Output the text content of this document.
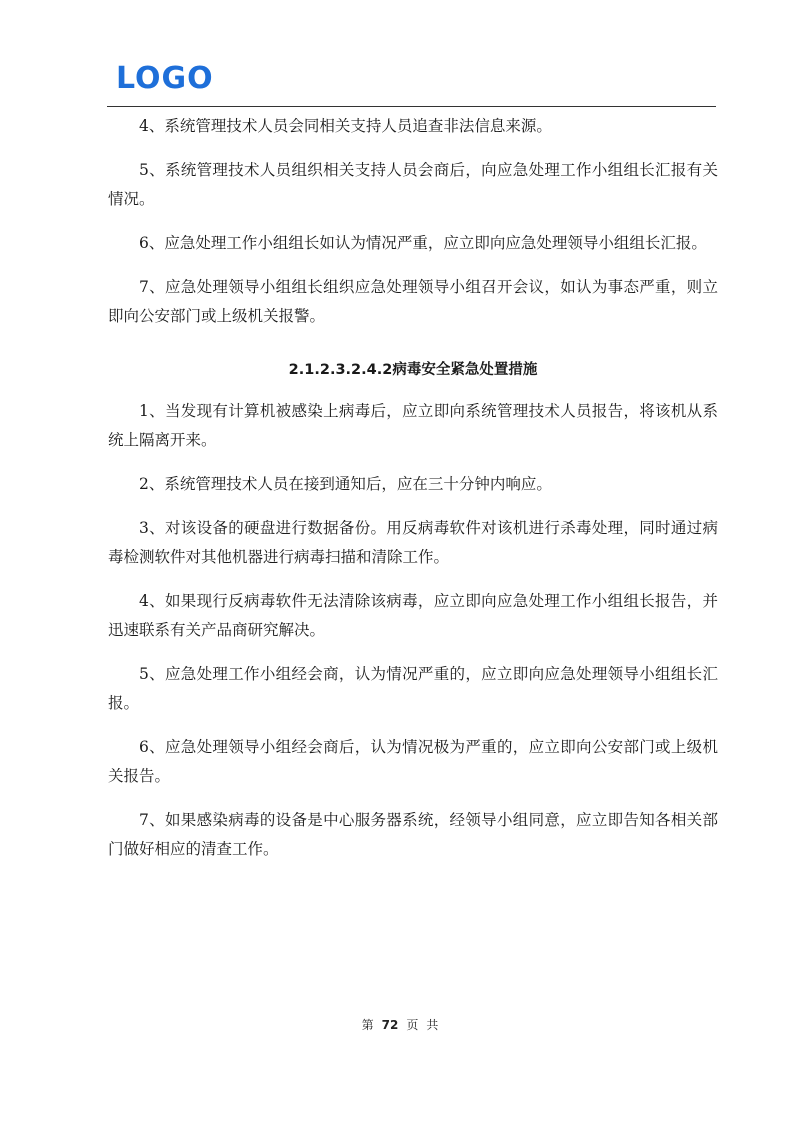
LOGO

4、系统管理技术人员会同相关支持人员追查非法信息来源。

5、系统管理技术人员组织相关支持人员会商后，向应急处理工作小组组长汇报有关情况。

6、应急处理工作小组组长如认为情况严重，应立即向应急处理领导小组组长汇报。

7、应急处理领导小组组长组织应急处理领导小组召开会议，如认为事态严重，则立即向公安部门或上级机关报警。

2.1.2.3.2.4.2病毒安全紧急处置措施

1、当发现有计算机被感染上病毒后，应立即向系统管理技术人员报告，将该机从系统上隔离开来。

2、系统管理技术人员在接到通知后，应在三十分钟内响应。

3、对该设备的硬盘进行数据备份。用反病毒软件对该机进行杀毒处理，同时通过病毒检测软件对其他机器进行病毒扫描和清除工作。

4、如果现行反病毒软件无法清除该病毒，应立即向应急处理工作小组组长报告，并迅速联系有关产品商研究解决。

5、应急处理工作小组经会商，认为情况严重的，应立即向应急处理领导小组组长汇报。

6、应急处理领导小组经会商后，认为情况极为严重的，应立即向公安部门或上级机关报告。

7、如果感染病毒的设备是中心服务器系统，经领导小组同意，应立即告知各相关部门做好相应的清查工作。

第 72 页 共
